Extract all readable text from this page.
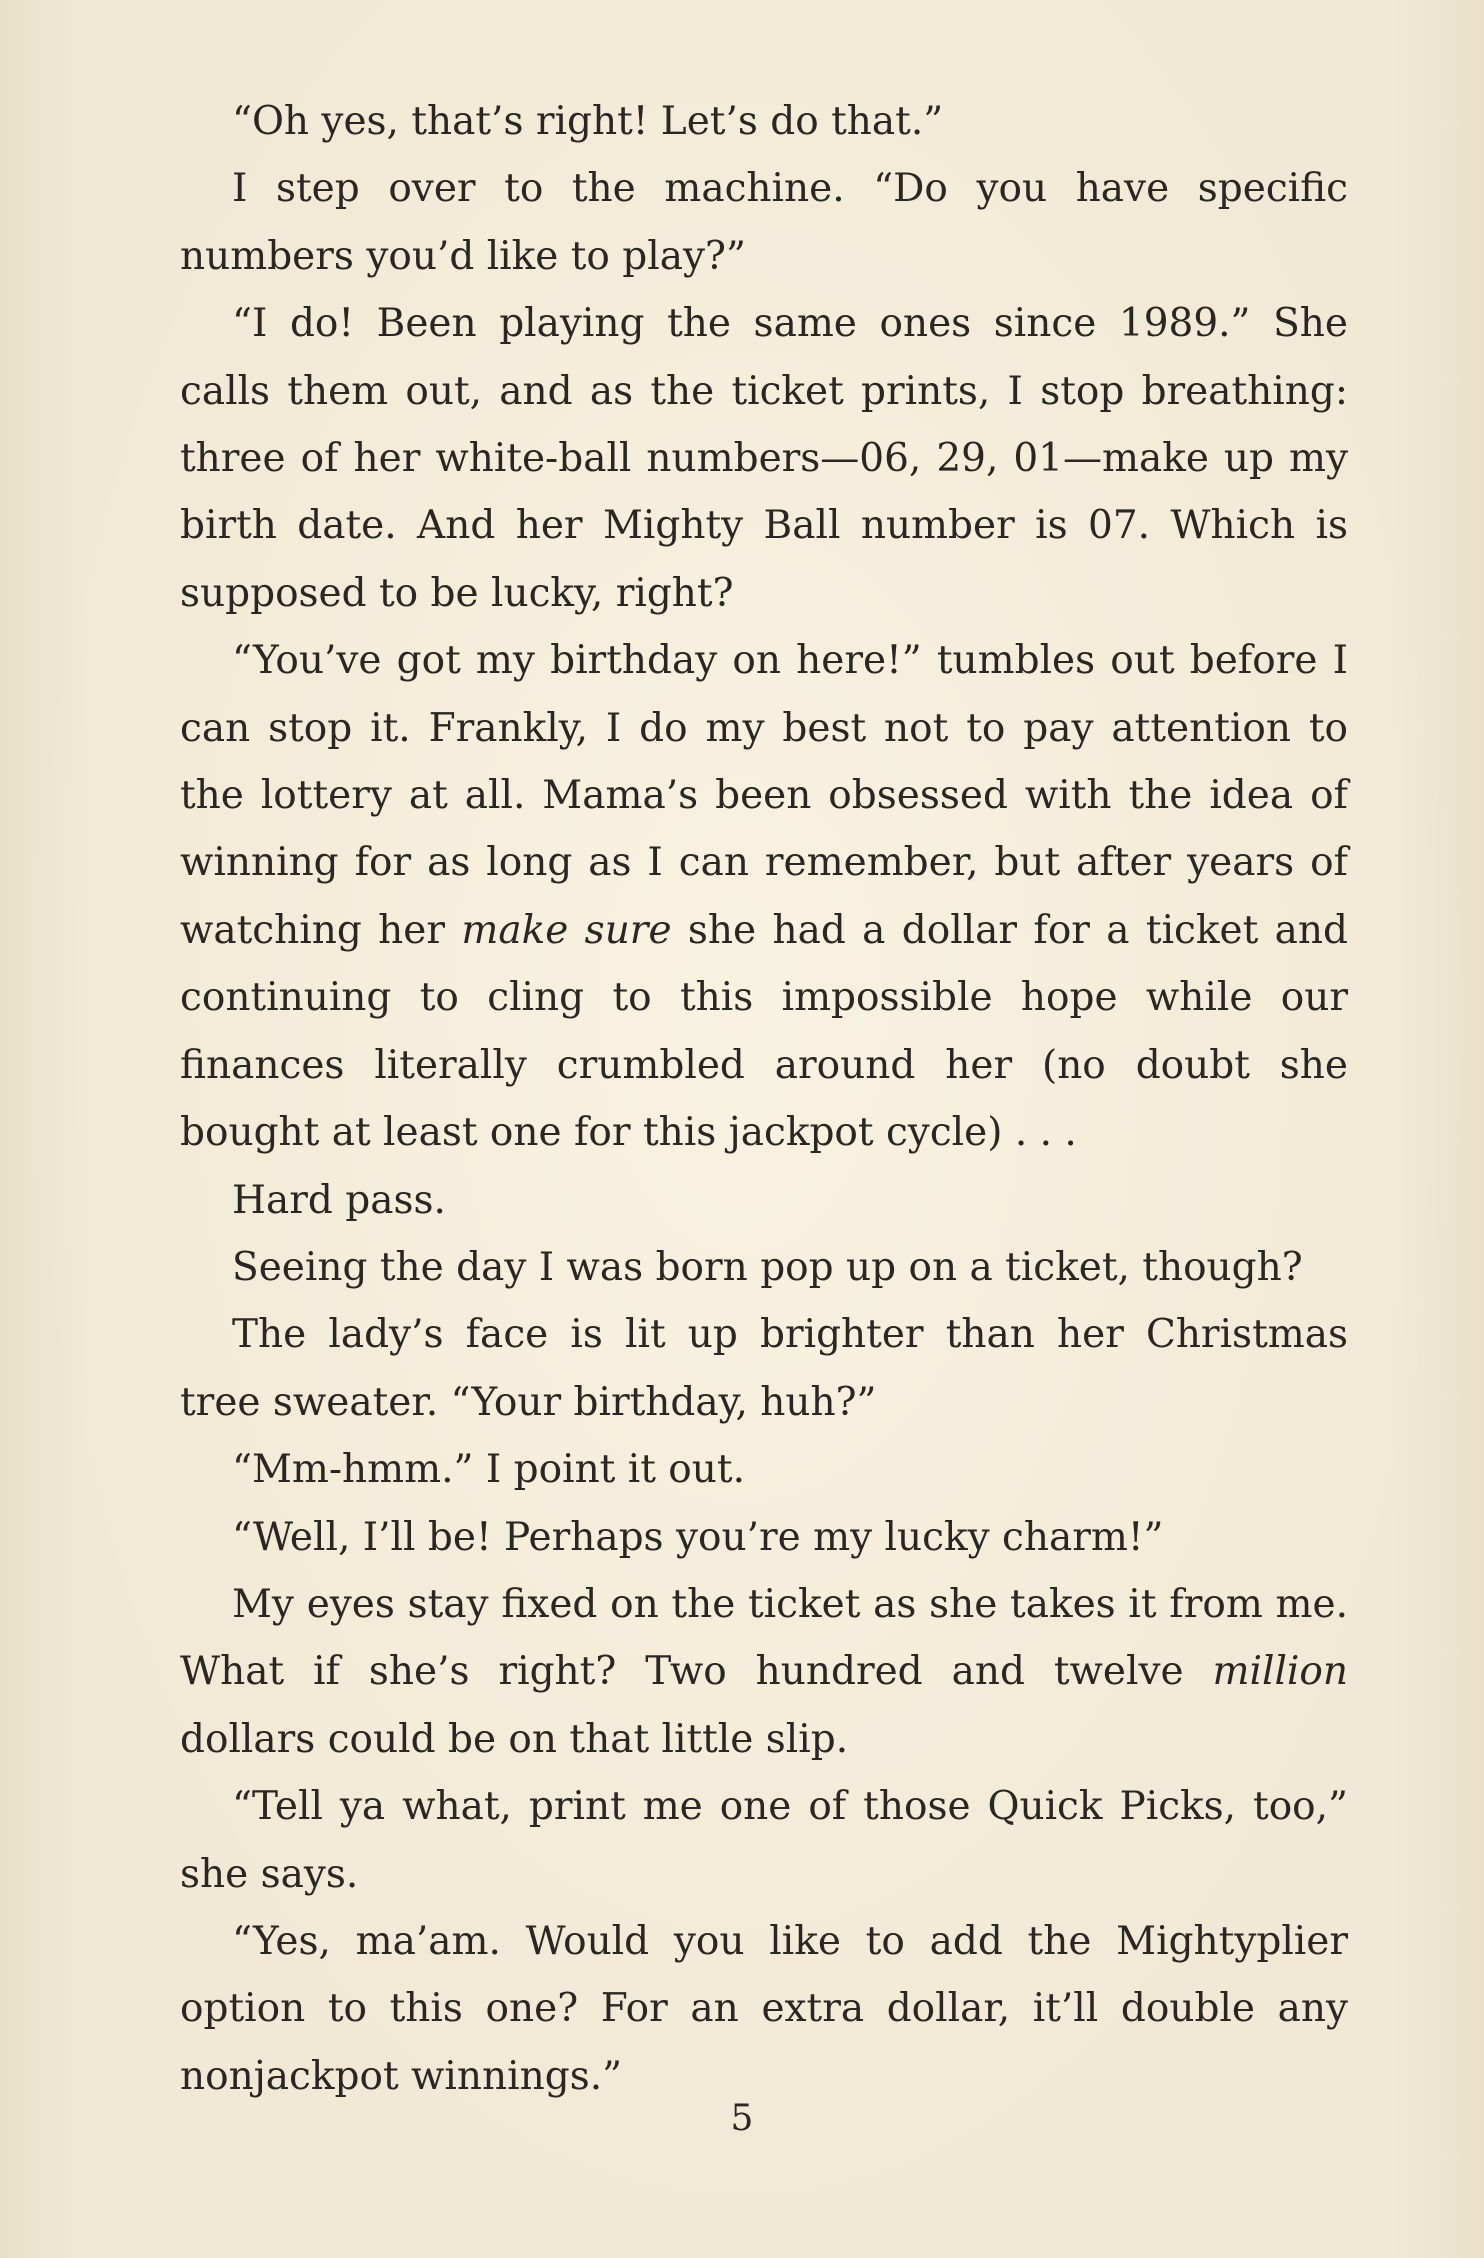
“Oh yes, that’s right! Let’s do that.”

I step over to the machine. “Do you have specific numbers you’d like to play?”

“I do! Been playing the same ones since 1989.” She calls them out, and as the ticket prints, I stop breathing: three of her white-ball numbers—06, 29, 01—make up my birth date. And her Mighty Ball number is 07. Which is supposed to be lucky, right?

“You’ve got my birthday on here!” tumbles out before I can stop it. Frankly, I do my best not to pay attention to the lottery at all. Mama’s been obsessed with the idea of winning for as long as I can remember, but after years of watching her make sure she had a dollar for a ticket and continuing to cling to this impossible hope while our finances literally crumbled around her (no doubt she bought at least one for this jackpot cycle) . . .

Hard pass.

Seeing the day I was born pop up on a ticket, though?

The lady’s face is lit up brighter than her Christmas tree sweater. “Your birthday, huh?”

“Mm-hmm.” I point it out.

“Well, I’ll be! Perhaps you’re my lucky charm!”

My eyes stay fixed on the ticket as she takes it from me. What if she’s right? Two hundred and twelve million dollars could be on that little slip.

“Tell ya what, print me one of those Quick Picks, too,” she says.

“Yes, ma’am. Would you like to add the Mightyplier option to this one? For an extra dollar, it’ll double any nonjackpot winnings.”

5
